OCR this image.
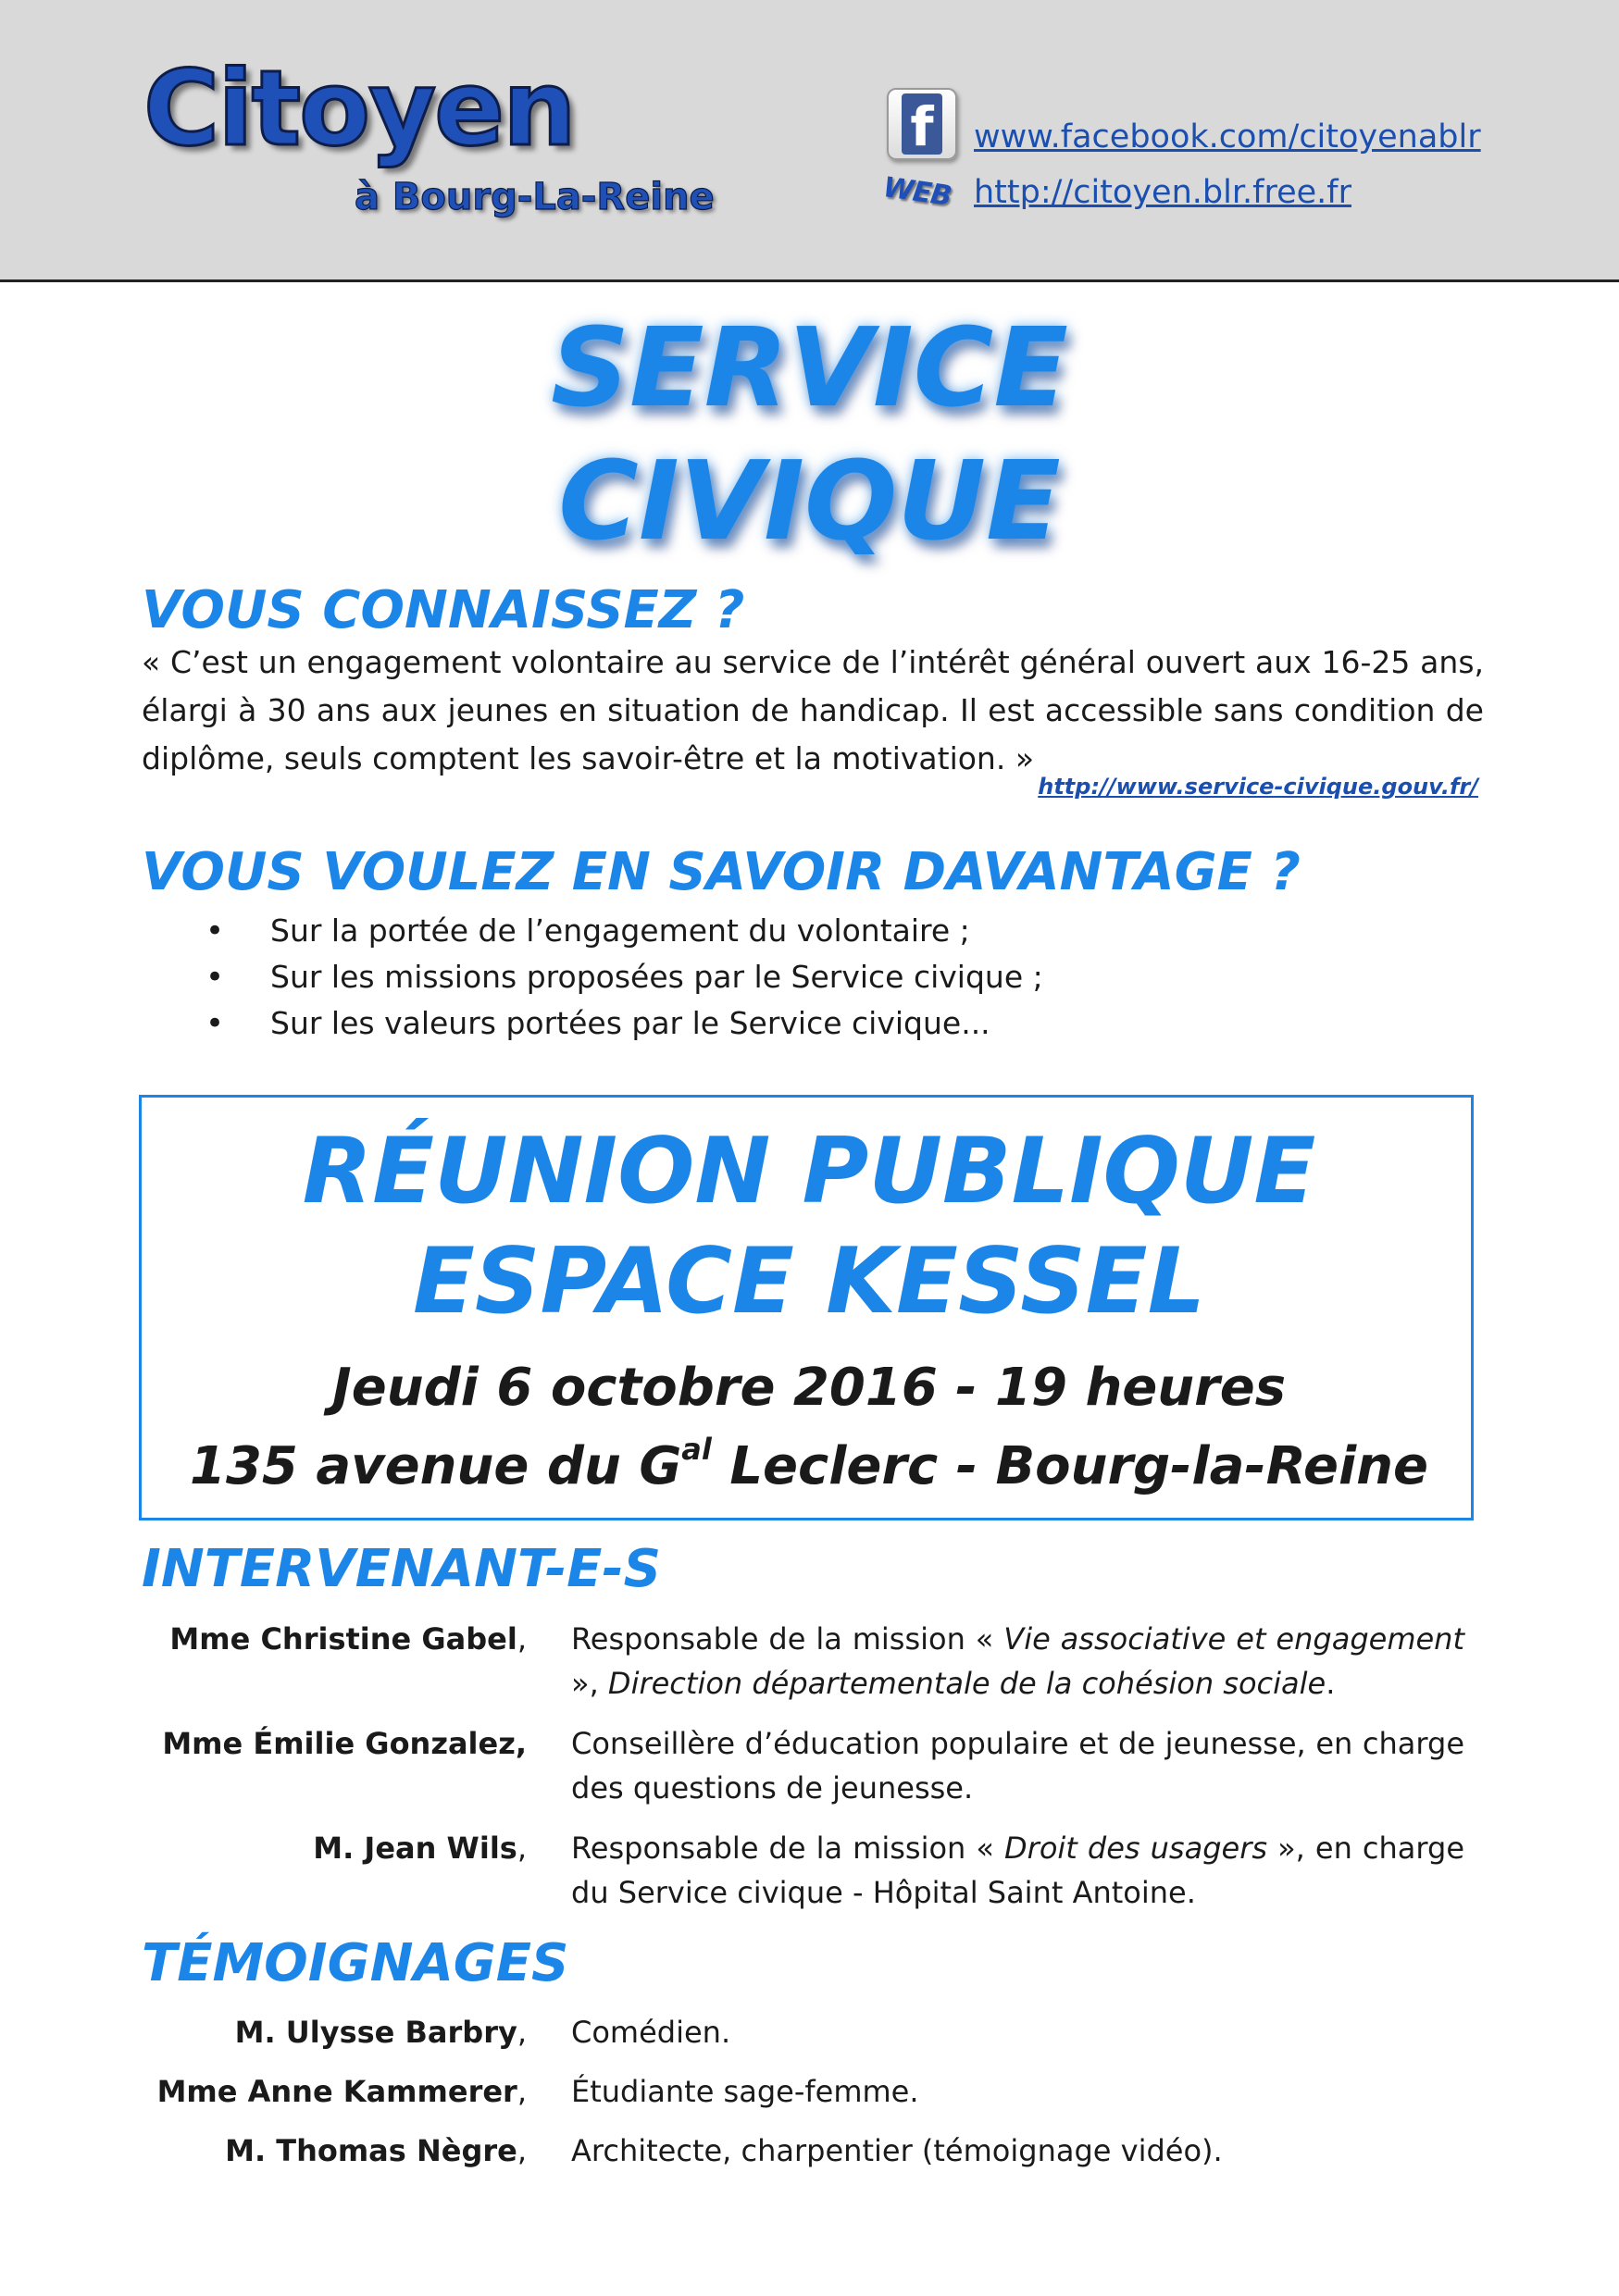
Citoyen
à Bourg-La-Reine
f
WEB
www.facebook.com/citoyenablr
http://citoyen.blr.free.fr
SERVICE
CIVIQUE
VOUS CONNAISSEZ ?

« C’est un engagement volontaire au service de l’intérêt général ouvert aux 16-25 ans, élargi à 30 ans aux jeunes en situation de handicap. Il est accessible sans condition de diplôme, seuls comptent les savoir-être et la motivation. »

http://www.service-civique.gouv.fr/
VOUS VOULEZ EN SAVOIR DAVANTAGE ?
• Sur la portée de l’engagement du volontaire ;
• Sur les missions proposées par le Service civique ;
• Sur les valeurs portées par le Service civique...
RÉUNION PUBLIQUE
ESPACE KESSEL
Jeudi 6 octobre 2016 - 19 heures
135 avenue du $G^{al}$ Leclerc - Bourg-la-Reine
INTERVENANT-E-S
Mme Christine Gabel, Responsable de la mission « Vie associative et engagement », Direction départementale de la cohésion sociale.
Mme Émilie Gonzalez, Conseillère d’éducation populaire et de jeunesse, en charge des questions de jeunesse.
M. Jean Wils, Responsable de la mission « Droit des usagers », en charge du Service civique - Hôpital Saint Antoine.
TÉMOIGNAGES
M. Ulysse Barbry, Comédien.
Mme Anne Kammerer, Étudiante sage-femme.
M. Thomas Nègre, Architecte, charpentier (témoignage vidéo).
